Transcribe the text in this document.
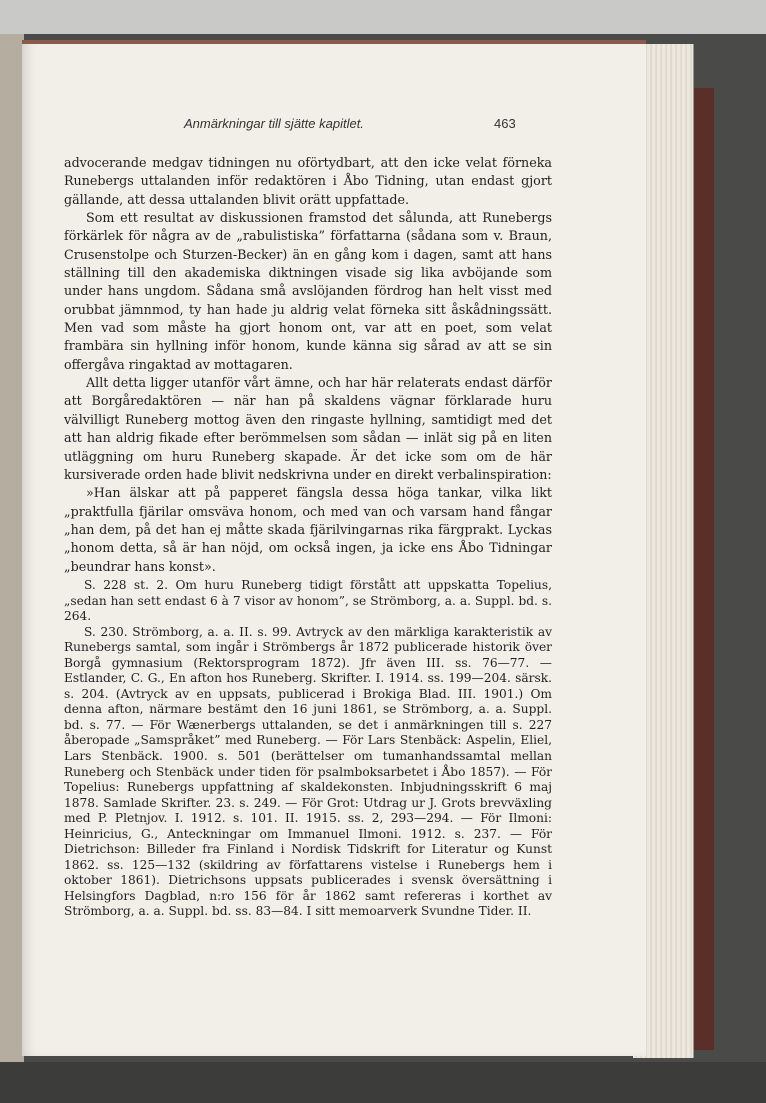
Anmärkningar till sjätte kapitlet.	463

advocerande medgav tidningen nu oförtydbart, att den icke velat förneka Runebergs uttalanden inför redaktören i Åbo Tidning, utan endast gjort gällande, att dessa uttalanden blivit orätt uppfattade.

Som ett resultat av diskussionen framstod det sålunda, att Runebergs förkärlek för några av de „rabulistiska” författarna (sådana som v. Braun, Crusenstolpe och Sturzen-Becker) än en gång kom i dagen, samt att hans ställning till den akademiska diktningen visade sig lika avböjande som under hans ungdom. Sådana små avslöjanden fördrog han helt visst med orubbat jämnmod, ty han hade ju aldrig velat förneka sitt åskådningssätt. Men vad som måste ha gjort honom ont, var att en poet, som velat frambära sin hyllning inför honom, kunde känna sig sårad av att se sin offergåva ringaktad av mottagaren.

Allt detta ligger utanför vårt ämne, och har här relaterats endast därför att Borgåredaktören — när han på skaldens vägnar förklarade huru välvilligt Runeberg mottog även den ringaste hyllning, samtidigt med det att han aldrig fikade efter berömmelsen som sådan — inlät sig på en liten utläggning om huru Runeberg skapade. Är det icke som om de här kursiverade orden hade blivit nedskrivna under en direkt verbalinspiration:

»Han älskar att på papperet fängsla dessa höga tankar, vilka likt „praktfulla fjärilar omsväva honom, och med van och varsam hand fångar „han dem, på det han ej måtte skada fjärilvingarnas rika färgprakt. Lyckas „honom detta, så är han nöjd, om också ingen, ja icke ens Åbo Tidningar „beundrar hans konst».

S. 228 st. 2. Om huru Runeberg tidigt förstått att uppskatta Topelius, „sedan han sett endast 6 à 7 visor av honom”, se Strömborg, a. a. Suppl. bd. s. 264.

S. 230. Strömborg, a. a. II. s. 99. Avtryck av den märkliga karakteristik av Runebergs samtal, som ingår i Strömbergs år 1872 publicerade historik över Borgå gymnasium (Rektorsprogram 1872). Jfr även III. ss. 76—77. — Estlander, C. G., En afton hos Runeberg. Skrifter. I. 1914. ss. 199—204. särsk. s. 204. (Avtryck av en uppsats, publicerad i Brokiga Blad. III. 1901.) Om denna afton, närmare bestämt den 16 juni 1861, se Strömborg, a. a. Suppl. bd. s. 77. — För Wænerbergs uttalanden, se det i anmärkningen till s. 227 åberopade „Samspråket” med Runeberg. — För Lars Stenbäck: Aspelin, Eliel, Lars Stenbäck. 1900. s. 501 (berättelser om tumanhandssamtal mellan Runeberg och Stenbäck under tiden för psalmboksarbetet i Åbo 1857). — För Topelius: Runebergs uppfattning af skaldekonsten. Inbjudningsskrift 6 maj 1878. Samlade Skrifter. 23. s. 249. — För Grot: Utdrag ur J. Grots brevväxling med P. Pletnjov. I. 1912. s. 101. II. 1915. ss. 2, 293—294. — För Ilmoni: Heinricius, G., Anteckningar om Immanuel Ilmoni. 1912. s. 237. — För Dietrichson: Billeder fra Finland i Nordisk Tidskrift for Literatur og Kunst 1862. ss. 125—132 (skildring av författarens vistelse i Runebergs hem i oktober 1861). Dietrichsons uppsats publicerades i svensk översättning i Helsingfors Dagblad, n:ro 156 för år 1862 samt refereras i korthet av Strömborg, a. a. Suppl. bd. ss. 83—84. I sitt memoarverk Svundne Tider. II.
